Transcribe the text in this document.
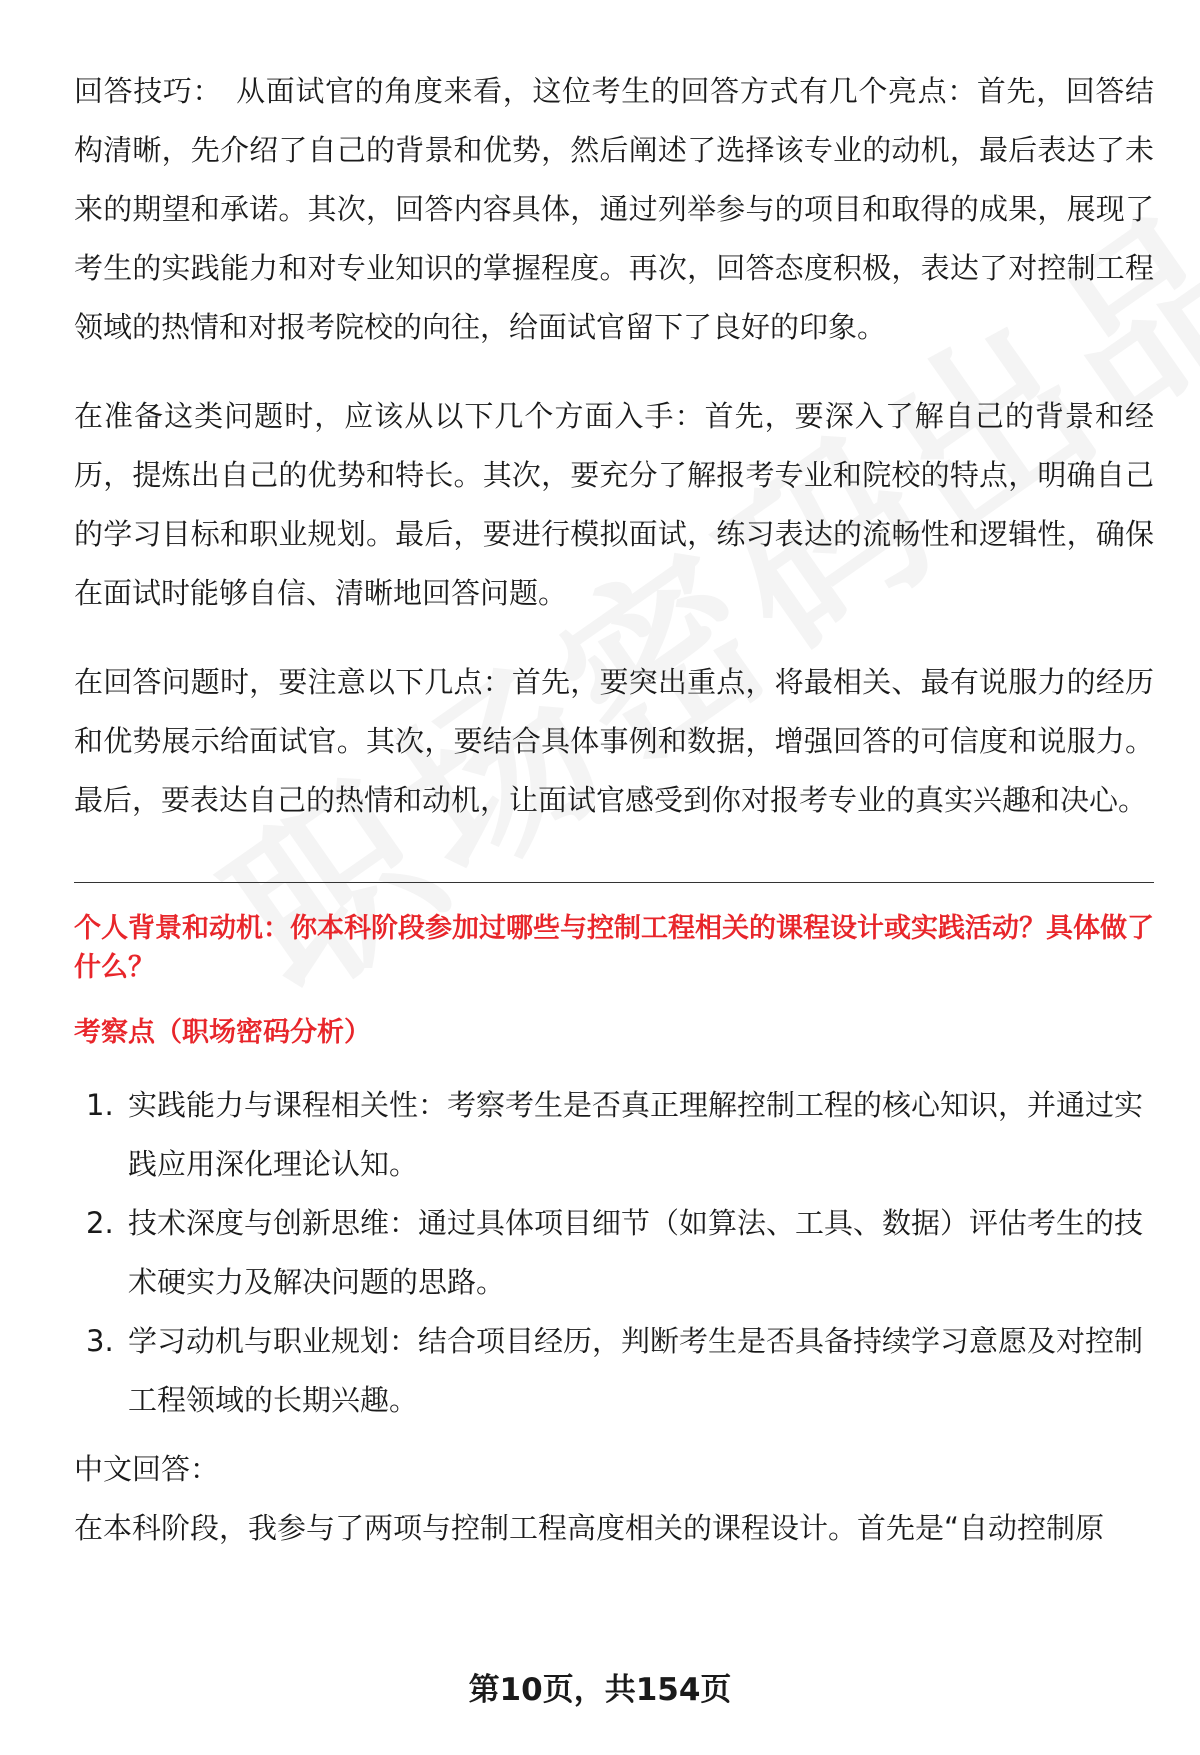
回答技巧： 从面试官的角度来看，这位考生的回答方式有几个亮点：首先，回答结构清晰，先介绍了自己的背景和优势，然后阐述了选择该专业的动机，最后表达了未来的期望和承诺。其次，回答内容具体，通过列举参与的项目和取得的成果，展现了考生的实践能力和对专业知识的掌握程度。再次，回答态度积极，表达了对控制工程领域的热情和对报考院校的向往，给面试官留下了良好的印象。

在准备这类问题时，应该从以下几个方面入手：首先，要深入了解自己的背景和经历，提炼出自己的优势和特长。其次，要充分了解报考专业和院校的特点，明确自己的学习目标和职业规划。最后，要进行模拟面试，练习表达的流畅性和逻辑性，确保在面试时能够自信、清晰地回答问题。

在回答问题时，要注意以下几点：首先，要突出重点，将最相关、最有说服力的经历和优势展示给面试官。其次，要结合具体事例和数据，增强回答的可信度和说服力。最后，要表达自己的热情和动机，让面试官感受到你对报考专业的真实兴趣和决心。

个人背景和动机：你本科阶段参加过哪些与控制工程相关的课程设计或实践活动？具体做了什么？
考察点（职场密码分析）
1. 实践能力与课程相关性：考察考生是否真正理解控制工程的核心知识，并通过实践应用深化理论认知。
2. 技术深度与创新思维：通过具体项目细节（如算法、工具、数据）评估考生的技术硬实力及解决问题的思路。
3. 学习动机与职业规划：结合项目经历，判断考生是否具备持续学习意愿及对控制工程领域的长期兴趣。

中文回答：

在本科阶段，我参与了两项与控制工程高度相关的课程设计。首先是“自动控制原

第10页，共154页
